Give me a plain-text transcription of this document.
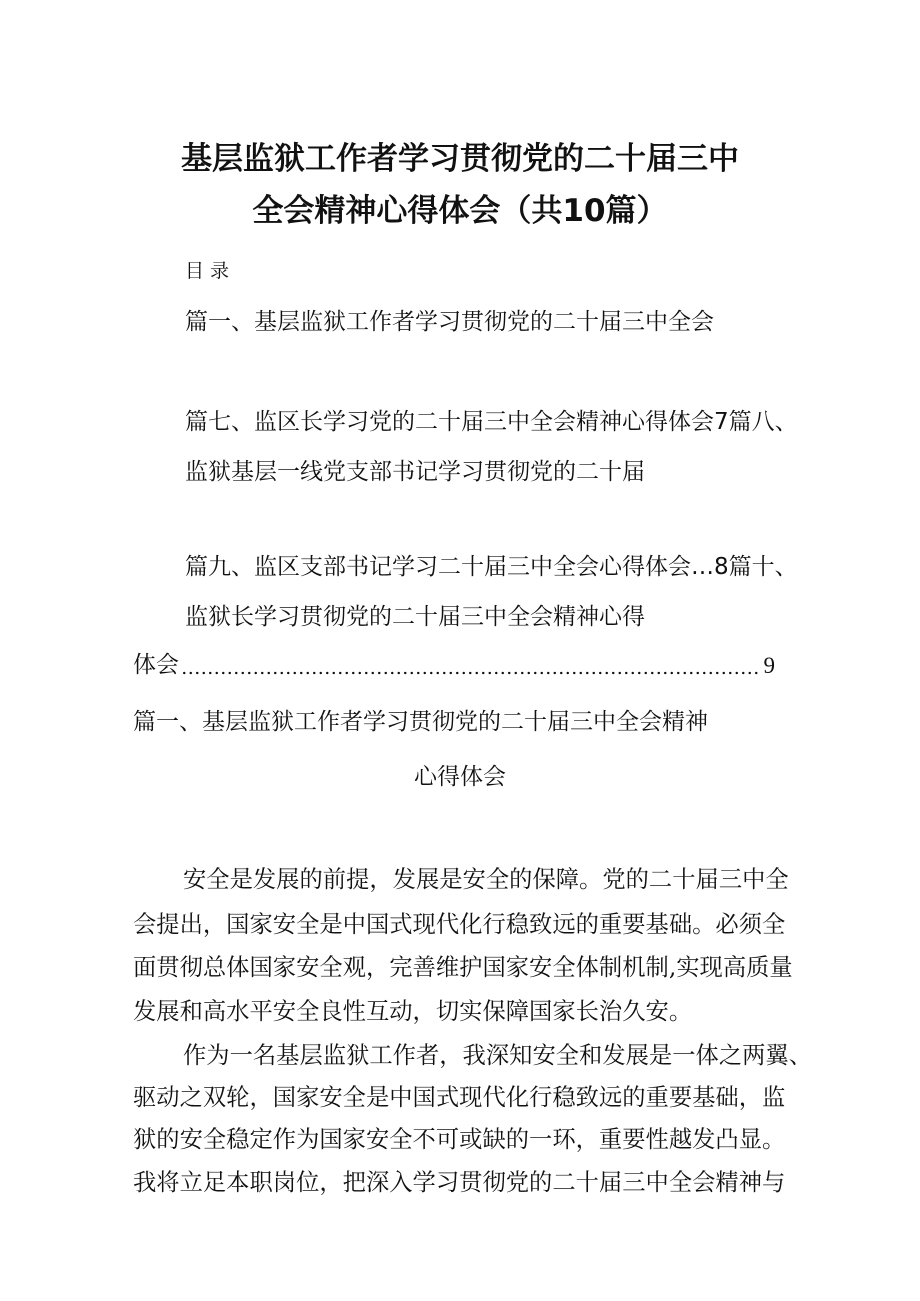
基层监狱工作者学习贯彻党的二十届三中
全会精神心得体会（共10篇）
目录
篇一、基层监狱工作者学习贯彻党的二十届三中全会
篇七、监区长学习党的二十届三中全会精神心得体会7篇八、
监狱基层一线党支部书记学习贯彻党的二十届
篇九、监区支部书记学习二十届三中全会心得体会…8篇十、
监狱长学习贯彻党的二十届三中全会精神心得
体会	9
篇一、基层监狱工作者学习贯彻党的二十届三中全会精神
心得体会
安全是发展的前提，发展是安全的保障。党的二十届三中全
会提出，国家安全是中国式现代化行稳致远的重要基础。必须全
面贯彻总体国家安全观，完善维护国家安全体制机制,实现高质量
发展和高水平安全良性互动，切实保障国家长治久安。
作为一名基层监狱工作者，我深知安全和发展是一体之两翼、
驱动之双轮，国家安全是中国式现代化行稳致远的重要基础，监
狱的安全稳定作为国家安全不可或缺的一环，重要性越发凸显。
我将立足本职岗位，把深入学习贯彻党的二十届三中全会精神与
